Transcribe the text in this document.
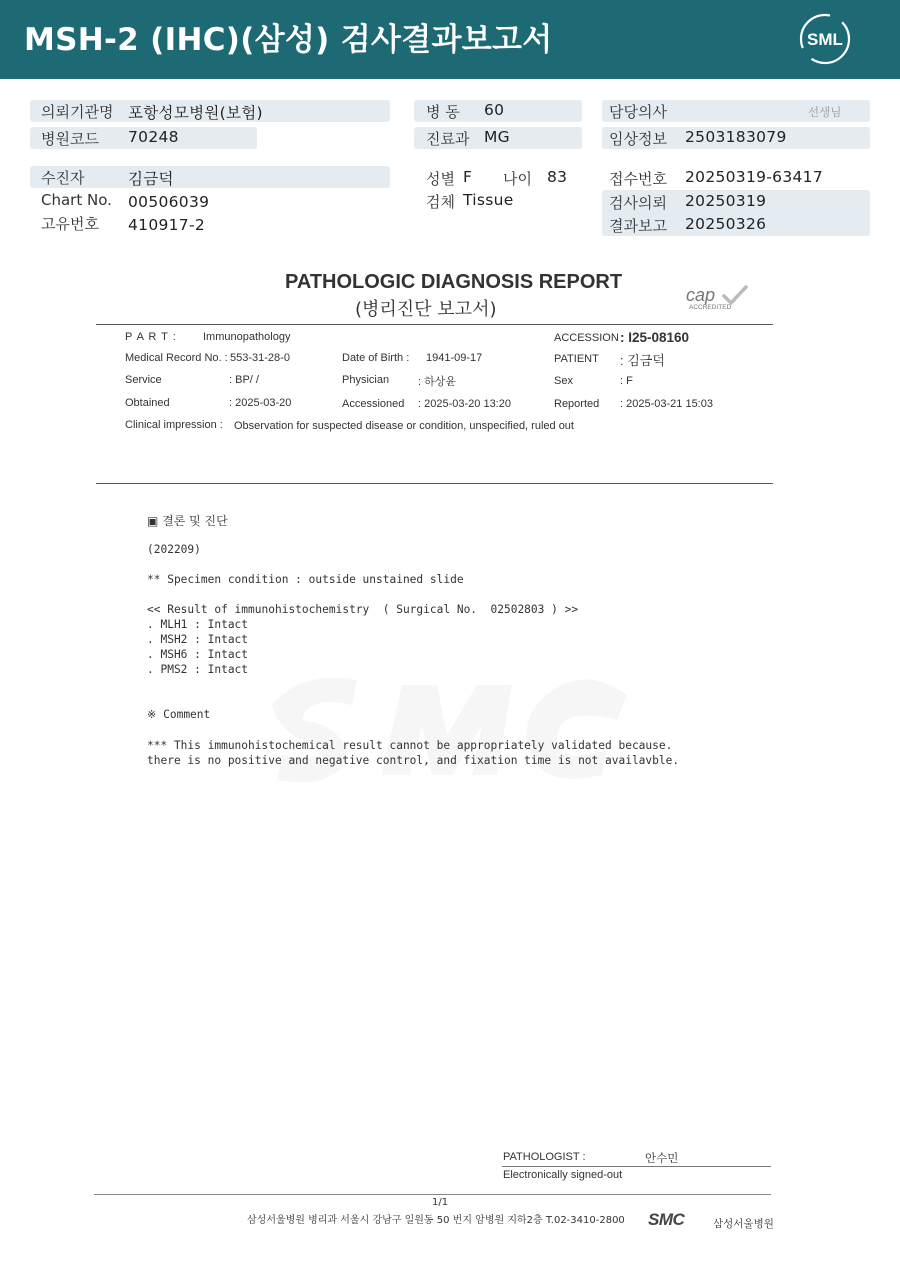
MSH-2 (IHC)(삼성) 검사결과보고서	SML
의뢰기관명 포항성모병원(보험)
병원코드 70248
병 동 60
진료과 MG
담당의사	선생님
임상정보 2503183079
수진자	김금덕
Chart No. 00506039
고유번호 410917-2
성별 F 나이 83
검체 Tissue
접수번호 20250319-63417
검사의뢰 20250319
결과보고 20250326
PATHOLOGIC DIAGNOSIS REPORT
(병리진단 보고서)
cap
ACCREDITED
P A R T : Immunopathology	ACCESSION : I25-08160
Medical Record No. : 553-31-28-0	Date of Birth : 1941-09-17	PATIENT : 김금덕
Service	: BP/ /	Physician	: 하상윤	Sex	: F
Obtained	: 2025-03-20	Accessioned : 2025-03-20 13:20	Reported : 2025-03-21 15:03
Clinical impression : Observation for suspected disease or condition, unspecified, ruled out
▣ 결론 및 진단
(202209)
** Specimen condition : outside unstained slide
<< Result of immunohistochemistry  ( Surgical No.  02502803 ) >>
. MLH1 : Intact
. MSH2 : Intact
. MSH6 : Intact
. PMS2 : Intact
※ Comment
*** This immunohistochemical result cannot be appropriately validated because.
there is no positive and negative control, and fixation time is not availavble.
PATHOLOGIST :	안수민
Electronically signed-out
1/1
삼성서울병원 병리과 서울시 강남구 일원동 50 번지 암병원 지하2층 T.02-3410-2800 SMC	삼성서울병원
